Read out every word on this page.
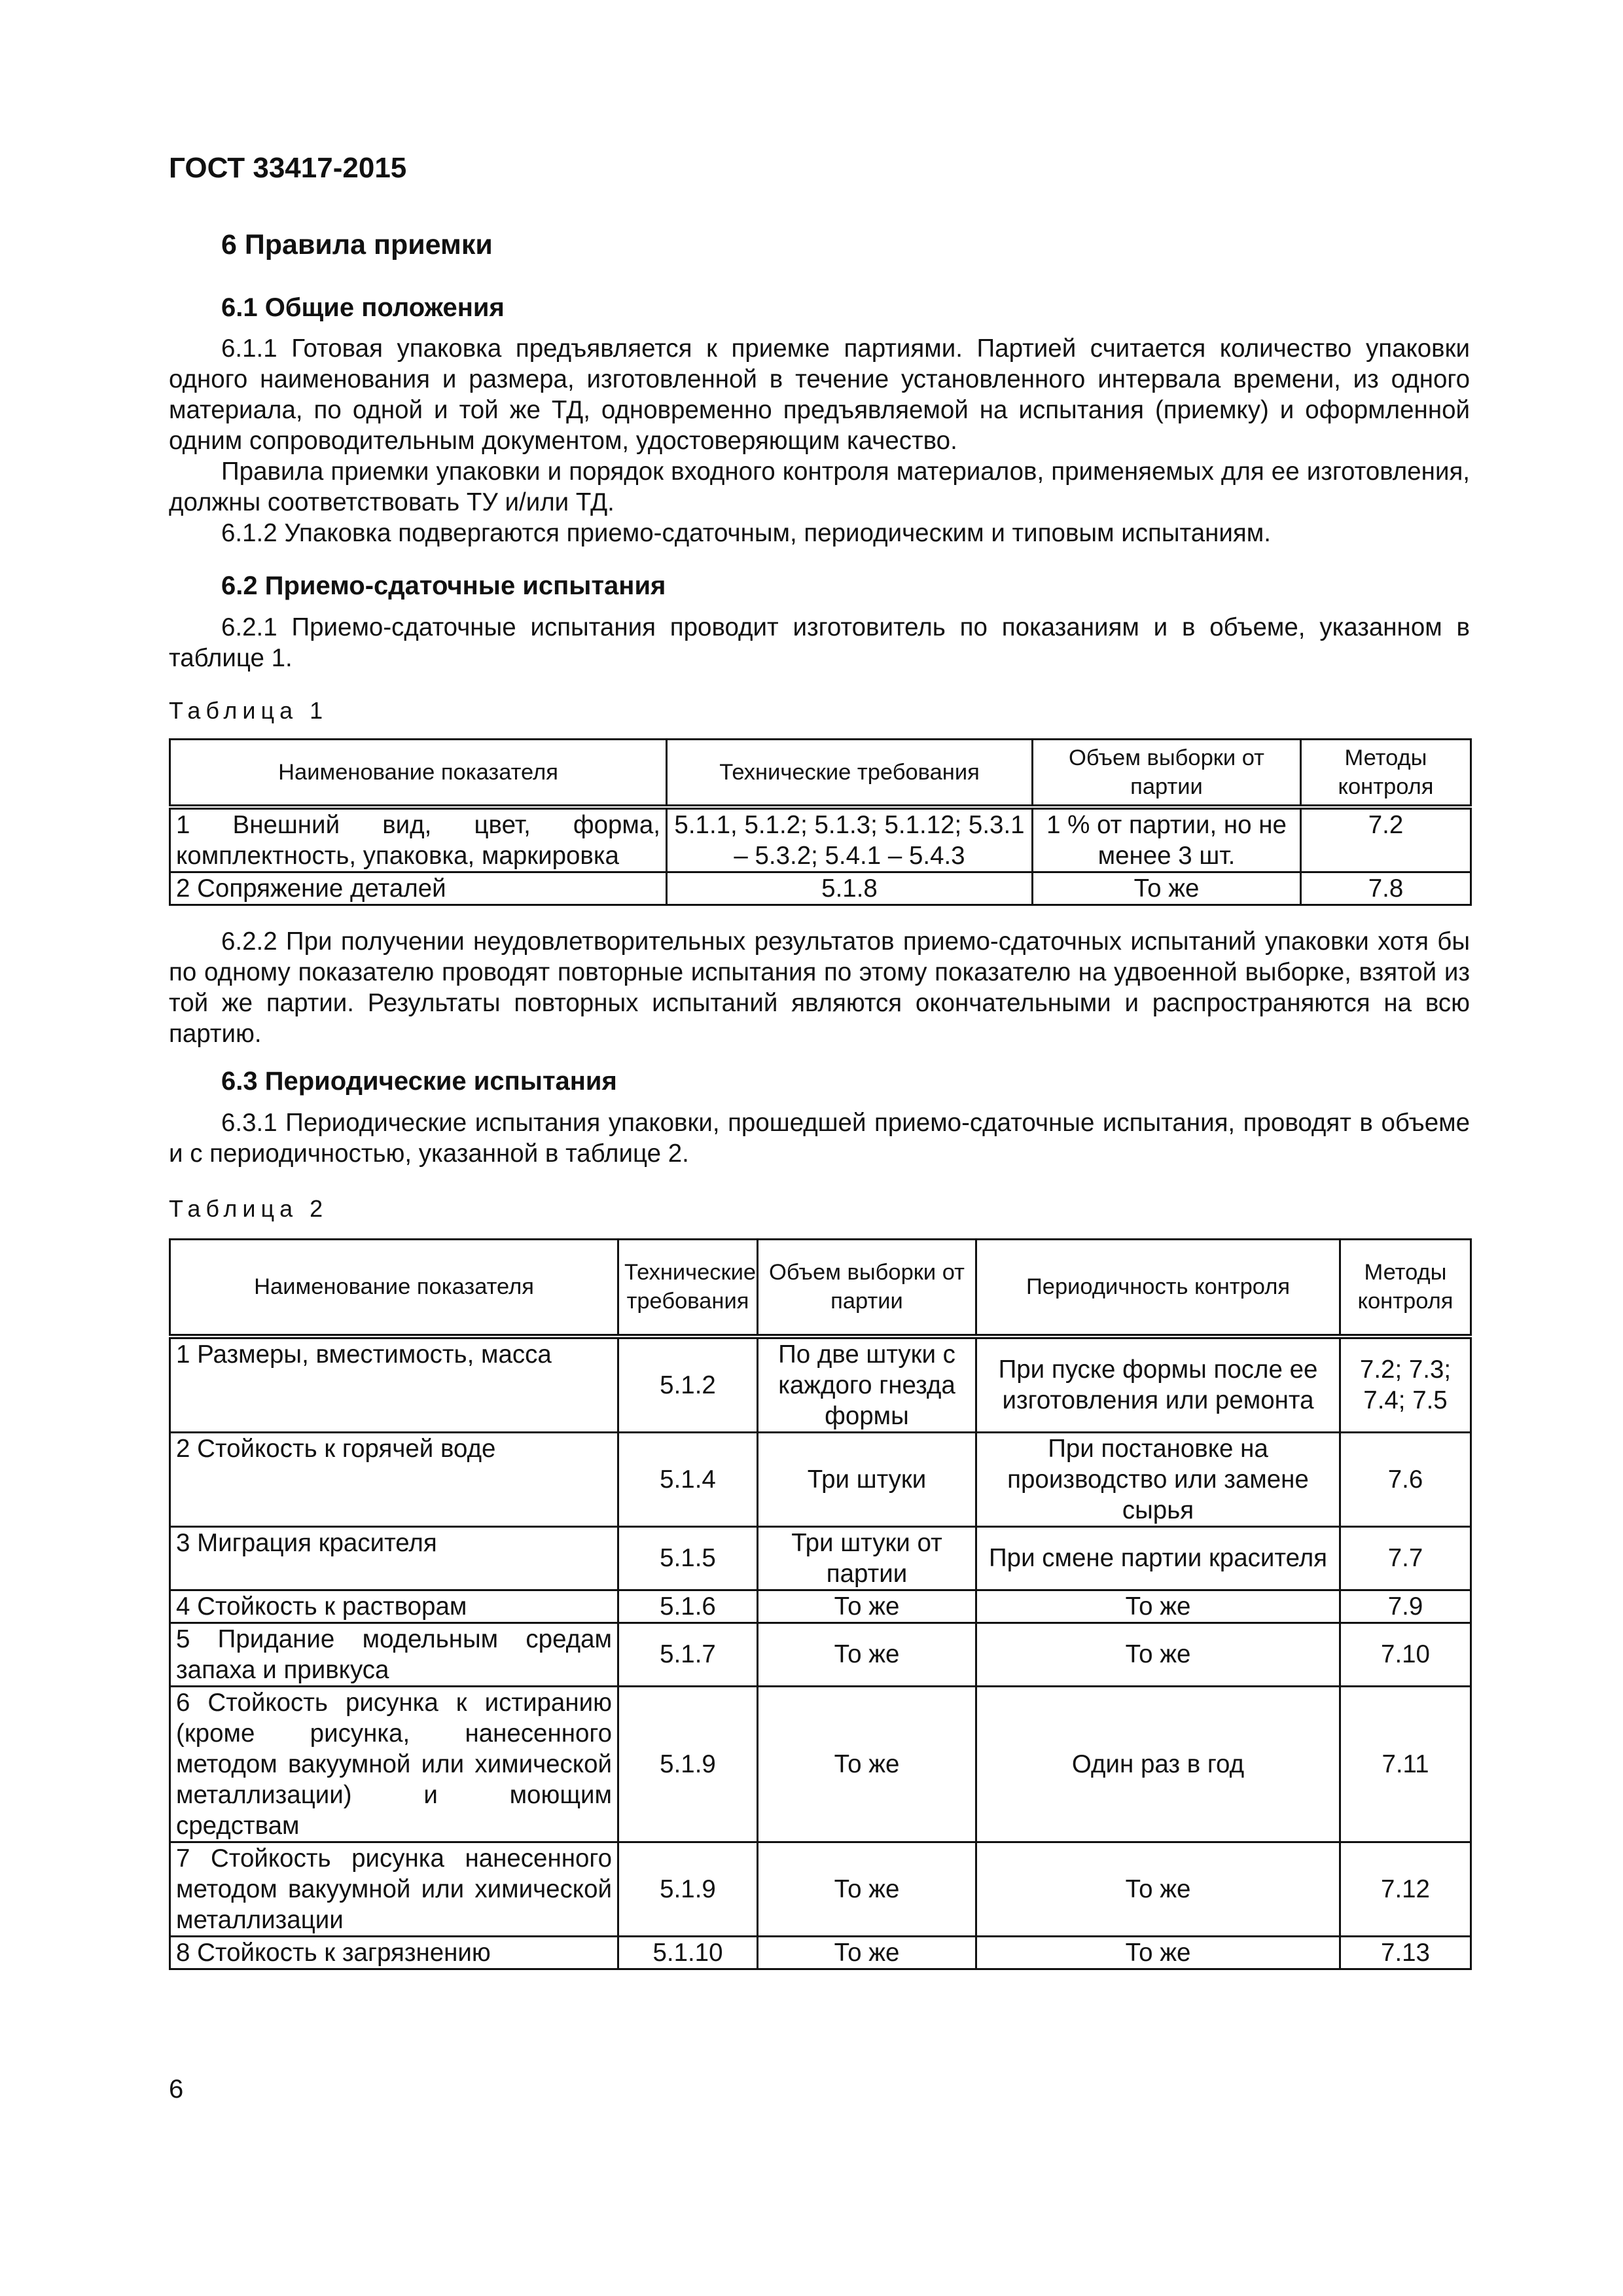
ГОСТ 33417-2015
6 Правила приемки
6.1 Общие положения

6.1.1 Готовая упаковка предъявляется к приемке партиями. Партией считается количество упаковки одного наименования и размера, изготовленной в течение установленного интервала времени, из одного материала, по одной и той же ТД, одновременно предъявляемой на испытания (приемку) и оформленной одним сопроводительным документом, удостоверяющим качество.

Правила приемки упаковки и порядок входного контроля материалов, применяемых для ее изготовления, должны соответствовать ТУ и/или ТД.

6.1.2 Упаковка подвергаются приемо-сдаточным, периодическим и типовым испытаниям.

6.2 Приемо-сдаточные испытания

6.2.1 Приемо-сдаточные испытания проводит изготовитель по показаниям и в объеме, указанном в таблице 1.

Таблица 1
Наименование показателя	Технические требования	Объем выборки от партии	Методы контроля
1 Внешний вид, цвет, форма, комплектность, упаковка, маркировка	5.1.1, 5.1.2; 5.1.3; 5.1.12; 5.3.1 – 5.3.2; 5.4.1 – 5.4.3	1 % от партии, но не менее 3 шт.	7.2
2 Сопряжение деталей	5.1.8	То же	7.8

6.2.2 При получении неудовлетворительных результатов приемо-сдаточных испытаний упаковки хотя бы по одному показателю проводят повторные испытания по этому показателю на удвоенной выборке, взятой из той же партии. Результаты повторных испытаний являются окончательными и распространяются на всю партию.

6.3 Периодические испытания

6.3.1 Периодические испытания упаковки, прошедшей приемо-сдаточные испытания, проводят в объеме и с периодичностью, указанной в таблице 2.

Таблица 2
Наименование показателя	Технические требования	Объем выборки от партии	Периодичность контроля	Методы контроля
1 Размеры, вместимость, масса	5.1.2	По две штуки с каждого гнезда формы	При пуске формы после ее изготовления или ремонта	7.2; 7.3; 7.4; 7.5
2 Стойкость к горячей воде	5.1.4	Три штуки	При постановке на производство или замене сырья	7.6
3 Миграция красителя	5.1.5	Три штуки от партии	При смене партии красителя	7.7
4 Стойкость к растворам	5.1.6	То же	То же	7.9
5 Придание модельным средам запаха и привкуса	5.1.7	То же	То же	7.10
6 Стойкость рисунка к истиранию (кроме рисунка, нанесенного методом вакуумной или химической металлизации) и моющим средствам	5.1.9	То же	Один раз в год	7.11
7 Стойкость рисунка нанесенного методом вакуумной или химической металлизации	5.1.9	То же	То же	7.12
8 Стойкость к загрязнению	5.1.10	То же	То же	7.13
6
